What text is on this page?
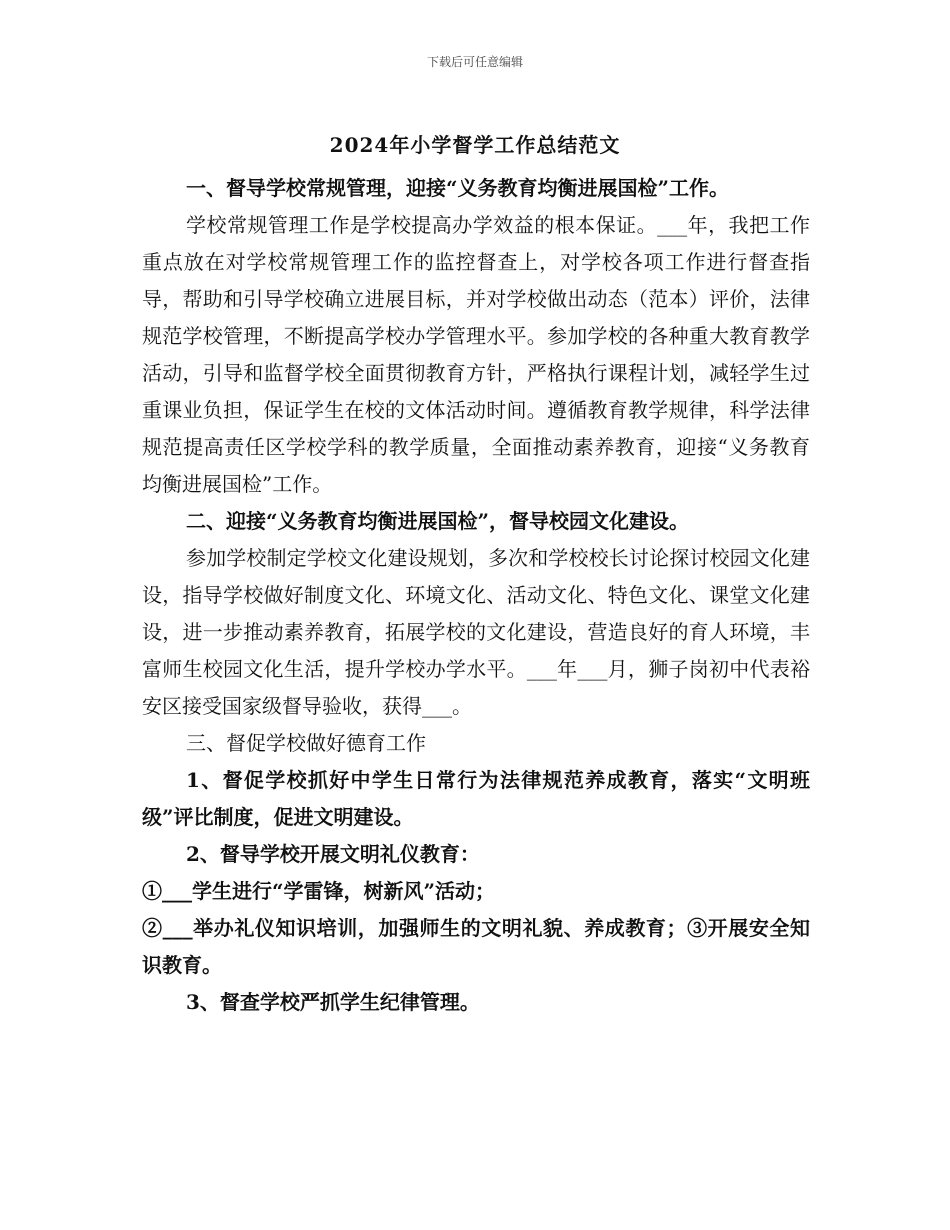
下载后可任意编辑
2024年小学督学工作总结范文

一、督导学校常规管理，迎接“义务教育均衡进展国检”工作。

学校常规管理工作是学校提高办学效益的根本保证。___年，我把工作重点放在对学校常规管理工作的监控督查上，对学校各项工作进行督查指导，帮助和引导学校确立进展目标，并对学校做出动态（范本）评价，法律规范学校管理，不断提高学校办学管理水平。参加学校的各种重大教育教学活动，引导和监督学校全面贯彻教育方针，严格执行课程计划，减轻学生过重课业负担，保证学生在校的文体活动时间。遵循教育教学规律，科学法律规范提高责任区学校学科的教学质量，全面推动素养教育，迎接“义务教育均衡进展国检”工作。

二、迎接“义务教育均衡进展国检”，督导校园文化建设。

参加学校制定学校文化建设规划，多次和学校校长讨论探讨校园文化建设，指导学校做好制度文化、环境文化、活动文化、特色文化、课堂文化建设，进一步推动素养教育，拓展学校的文化建设，营造良好的育人环境，丰富师生校园文化生活，提升学校办学水平。___年___月，狮子岗初中代表裕安区接受国家级督导验收，获得___。

三、督促学校做好德育工作

1、督促学校抓好中学生日常行为法律规范养成教育，落实“文明班级”评比制度，促进文明建设。

2、督导学校开展文明礼仪教育：

①___学生进行“学雷锋，树新风”活动；

②___举办礼仪知识培训，加强师生的文明礼貌、养成教育；③开展安全知识教育。

3、督查学校严抓学生纪律管理。
